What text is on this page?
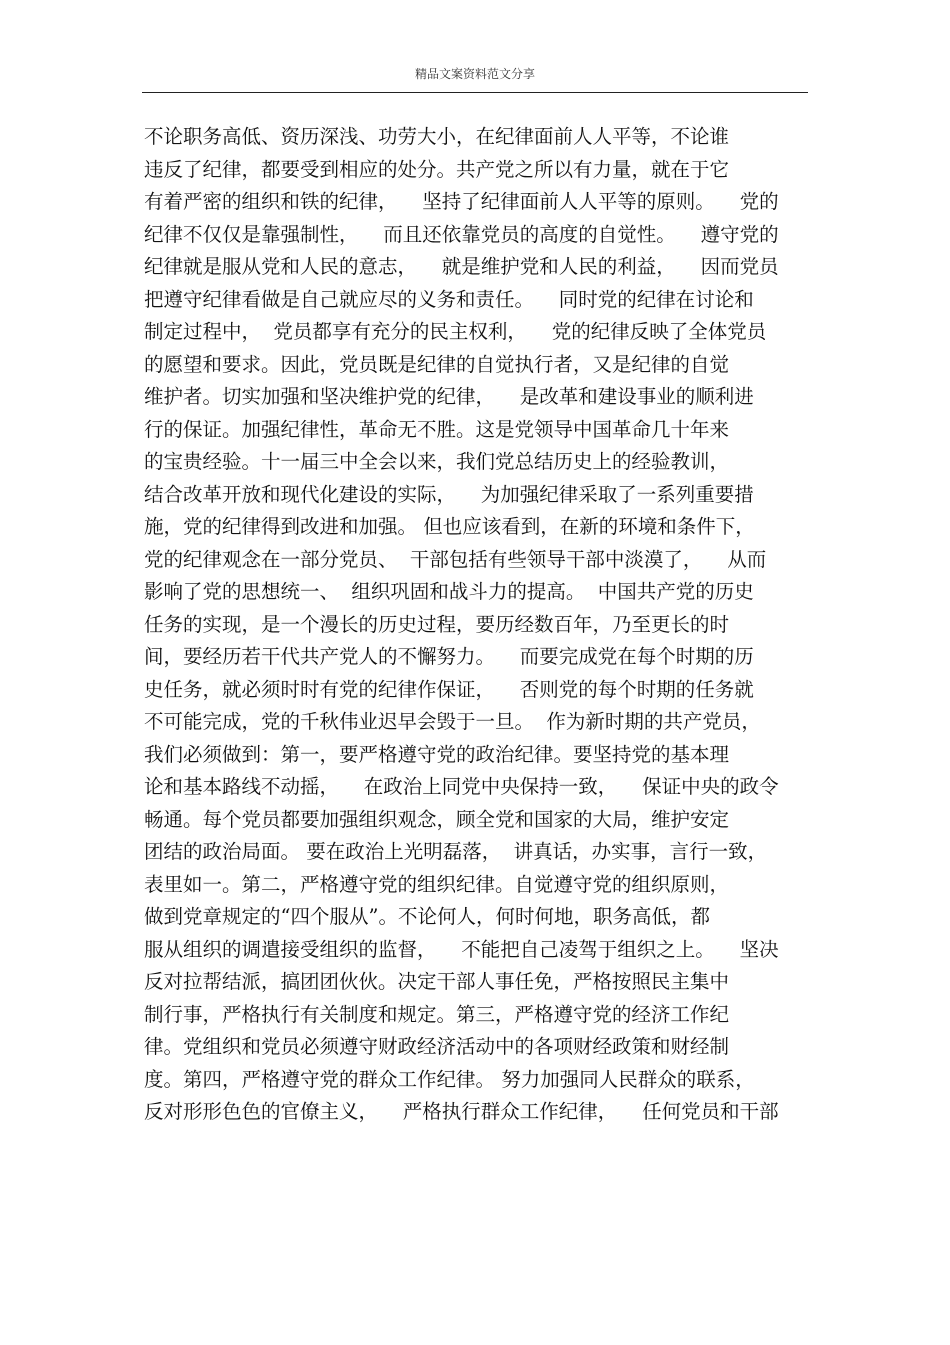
精品文案资料范文分享
不论职务高低、资历深浅、功劳大小，在纪律面前人人平等，不论谁
违反了纪律，都要受到相应的处分。共产党之所以有力量，就在于它
有着严密的组织和铁的纪律，    坚持了纪律面前人人平等的原则。    党的
纪律不仅仅是靠强制性，    而且还依靠党员的高度的自觉性。    遵守党的
纪律就是服从党和人民的意志，    就是维护党和人民的利益，    因而党员
把遵守纪律看做是自己就应尽的义务和责任。    同时党的纪律在讨论和
制定过程中，  党员都享有充分的民主权利，    党的纪律反映了全体党员
的愿望和要求。因此，党员既是纪律的自觉执行者，又是纪律的自觉
维护者。切实加强和坚决维护党的纪律，    是改革和建设事业的顺利进
行的保证。加强纪律性，革命无不胜。这是党领导中国革命几十年来
的宝贵经验。十一届三中全会以来，我们党总结历史上的经验教训，
结合改革开放和现代化建设的实际，    为加强纪律采取了一系列重要措
施，党的纪律得到改进和加强。 但也应该看到，在新的环境和条件下，
党的纪律观念在一部分党员、  干部包括有些领导干部中淡漠了，    从而
影响了党的思想统一、  组织巩固和战斗力的提高。  中国共产党的历史
任务的实现，是一个漫长的历史过程，要历经数百年，乃至更长的时
间，要经历若干代共产党人的不懈努力。    而要完成党在每个时期的历
史任务，就必须时时有党的纪律作保证，    否则党的每个时期的任务就
不可能完成，党的千秋伟业迟早会毁于一旦。  作为新时期的共产党员，
我们必须做到：第一，要严格遵守党的政治纪律。要坚持党的基本理
论和基本路线不动摇，    在政治上同党中央保持一致，    保证中央的政令
畅通。每个党员都要加强组织观念，顾全党和国家的大局，维护安定
团结的政治局面。 要在政治上光明磊落，  讲真话，办实事，言行一致，
表里如一。第二，严格遵守党的组织纪律。自觉遵守党的组织原则，
做到党章规定的“四个服从”。不论何人，何时何地，职务高低，都
服从组织的调遣接受组织的监督，    不能把自己凌驾于组织之上。    坚决
反对拉帮结派，搞团团伙伙。决定干部人事任免，严格按照民主集中
制行事，严格执行有关制度和规定。第三，严格遵守党的经济工作纪
律。党组织和党员必须遵守财政经济活动中的各项财经政策和财经制
度。第四，严格遵守党的群众工作纪律。 努力加强同人民群众的联系，
反对形形色色的官僚主义，    严格执行群众工作纪律，    任何党员和干部
